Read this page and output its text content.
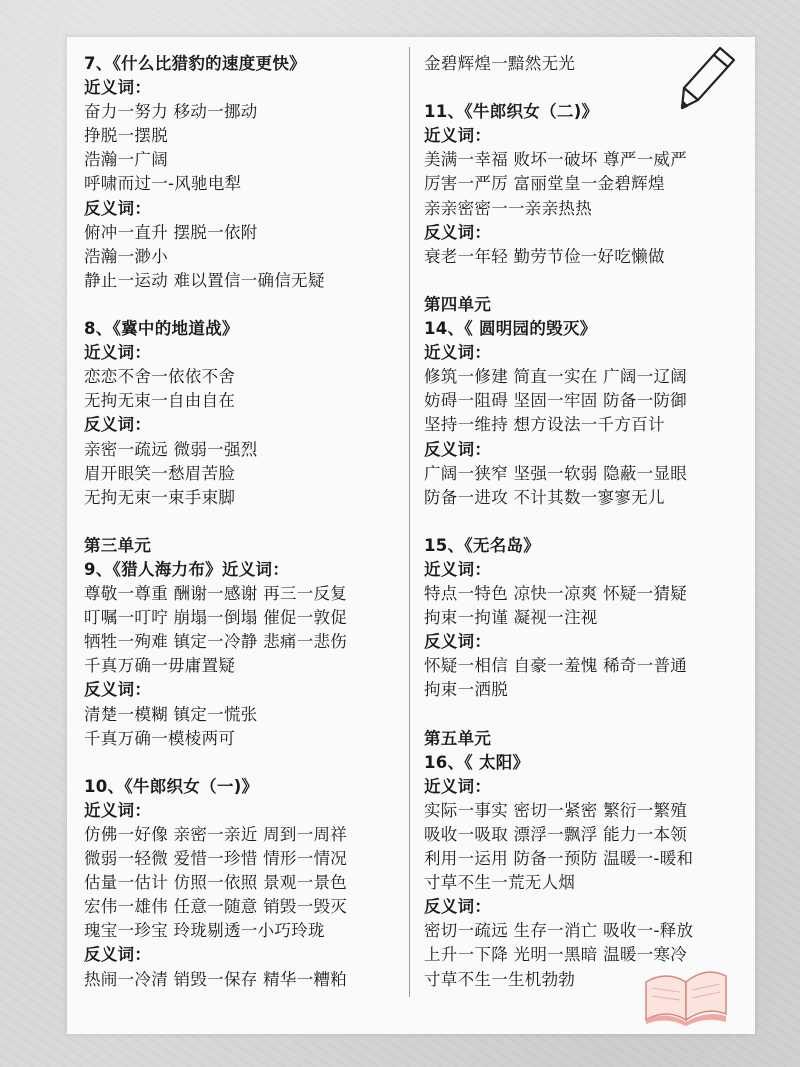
7、《什么比猎豹的速度更快》
近义词：
奋力一努力 移动一挪动
挣脱一摆脱
浩瀚一广阔
呼啸而过一-风驰电犁
反义词：
俯冲一直升 摆脱一依附
浩瀚一渺小
静止一运动 难以置信一确信无疑
8、《冀中的地道战》
近义词：
恋恋不舍一依依不舍
无拘无束一自由自在
反义词：
亲密一疏远 微弱一强烈
眉开眼笑一愁眉苦脸
无拘无束一束手束脚
第三单元
9、《猎人海力布》近义词：
尊敬一尊重 酬谢一感谢 再三一反复
叮嘱一叮咛 崩塌一倒塌 催促一敦促
牺牲一殉难 镇定一冷静 悲痛一悲伤
千真万确一毋庸置疑
反义词：
清楚一模糊 镇定一慌张
千真万确一模棱两可
10、《牛郎织女（一)》
近义词：
仿佛一好像 亲密一亲近 周到一周祥
微弱一轻微 爱惜一珍惜 情形一情况
估量一估计 仿照一依照 景观一景色
宏伟一雄伟 任意一随意 销毁一毁灭
瑰宝一珍宝 玲珑剔透一小巧玲珑
反义词：
热闹一冷清 销毁一保存 精华一糟粕
金碧辉煌一黯然无光
11、《牛郎织女（二)》
近义词：
美满一幸福 败坏一破坏 尊严一威严
厉害一严厉 富丽堂皇一金碧辉煌
亲亲密密一一亲亲热热
反义词：
衰老一年轻 勤劳节俭一好吃懒做
第四单元
14、《 圆明园的毁灭》
近义词：
修筑一修建 简直一实在 广阔一辽阔
妨碍一阻碍 坚固一牢固 防备一防御
坚持一维持 想方设法一千方百计
反义词：
广阔一狭窄 坚强一软弱 隐蔽一显眼
防备一进攻 不计其数一寥寥无儿
15、《无名岛》
近义词：
特点一特色 凉快一凉爽 怀疑一猜疑
拘束一拘谨 凝视一注视
反义词：
怀疑一相信 自豪一羞愧 稀奇一普通
拘束一洒脱
第五单元
16、《 太阳》
近义词：
实际一事实 密切一紧密 繁衍一繁殖
吸收一吸取 漂浮一飘浮 能力一本领
利用一运用 防备一预防 温暖一-暖和
寸草不生一荒无人烟
反义词：
密切一疏远 生存一消亡 吸收一-释放
上升一下降 光明一黑暗 温暖一寒冷
寸草不生一生机勃勃
